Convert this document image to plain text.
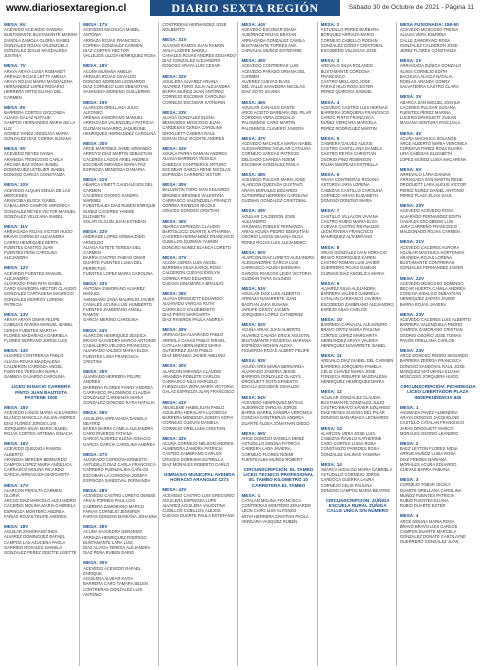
www.diariosextaregion.cl	DIARIO SEXTA REGIÓN	Sábado 30 de Octubre de 2021 - Página 11
MESA: 6V
ACEVEDO ACEVEDO SANDRA
BUSTAMANTE BUSTAMANTE MARINA
ZAMOLA ZAMOLA GLORIA ISABEL
GONZALEZ ROJAS VALENZUELA
GONZALEZ JESUS MAGDALENA JUSTINA
MESA: 7V
ARAYA ARAYA LUISA ROMANET
ARRIAZA ROJAS LETTY AMELIA
ARAYA ROJAS MARIA MAGDALENA
HERNANDEZ LOPEZ ROSARIO
HERRERA ORTIZ ELIANA DEL CARMEN
MESA: 8V
BARRERA CORTES GIOCONDA
ALIAGA GALAZ NATALIE
CAMPOS HERNANDEZ MARIA DE LA LUZ
GOMEZ YAÑEZ ANGELICA MARIA
GONZALEZ DIAZ CORINA SUSANA
MESA: 9V
ACEVEDO REYES IVANIA
ARANEDA TRONCOSO CARLA
ARCABA BAZ SONIA ISABEL
DOMINGUEZ LETELIER ISABEL
DONOSO GARCIA CONSTANZA
MESA: 10V
ACEVEDO ALQUIN EMILIA DE LAS MERCEDES
ARANCIBIA BLOCK ISABEL
CABALLERO CAMPOS VERONICA
GONZALEZ REYES VICTOR MANUEL
GONZALEZ VELIZ ANA ISABEL
MESA: 11V
ARRIAGADA ROJAS VICTOR HUGO
BRAVO CORNEJO ALEJANDRA
CARRO HENRIQUEZ BERTA
FUENTES CASTRO JUAN
FUENTES PEÑA CAROLINA ALEJANDRA
MESA: 12V
ACEVEDO FUENTES MANUEL ALEJANDRO
ALVARADO PINO RITA ISABEL
CARO SAAVEDRA HECTOR CLAUDIO
GONZALEZ CARTAGENA MAURICIO
GONZALEZ MONROY LORENA PATRICIA
MESA: 13V
ARAYA ARAYA OMAR FELIPE
CABEZAS RIVERA MANUEL ISABEL
CERDA FUENTES MARTHA
FLORES MADARIAGA GABRIELA
FLORES SERRANO JORGE LUIS
MESA: 14V
ALVAREZ CONTRERAS PABLO
ALIAGA ROJAS MAGDALENA
CALDERON CARDOZA ANGEL
FUENTES VERGARA MARIA
GAMBOA GAJARDO CAROLINA
LICEO IGNACIO CARRERA PINTO JUAN BAUTISTA PASTENE 1000
MESA: 15V
ACEVEDO LANCE MARIA ALEJANDRA
BLANCO MANCILLA JULIAN ANDRES
DIAZ FLORES JORGE LUIS
JORQUERA SILVA MARIA ISABEL
ROJAS CORTES ARTEMIA IGNACIA
MESA: 16V
ACEVEDO QUEZADA RAMON ALBERTO
ARANEDA MERCER BERNARDO
CAMPOS LOPEZ MARIA ANGELICA
CARRASCO MOLINA RICARDO
GARCIA ARRIAGADA MARGARITA
MESA: 17V
ALARCON PERALTA CARMEN GLORIA
ARCOS DIAZ MARCELO ALEJANDRO
CACERES MOLINA MARIA GABRIELA
ESPINOZA MONTERO ANDREA
FARIAS ROJAS FELIPE ANDRES
MESA: 18V
AGUILAR ZAMORANO INES
ALVAREZ DOMINGUEZ RAFAEL
CAMPOS LAS AZUCENA PAOLA
GARRIDO ROSALES DANIELA
GONZALEZ PEREZ ODETTE LISETTE
MESA: 17V
ACEVEDO MACHUCA MABEL ANTONIA
ARRIAZA ROJAS FRANCISCA
CORREA GONZALEZ CARMEN
DIAZ CORTES HECTOR
VALLEJOS ULLOA HENRIQUEZ ROSA
MESA: 18V
ACUÑA MUNAÑA AMELIA
ARRIAZA ROJAS OSVALDO
DONOSO MORENO LEONARDO
DIAZ CORNEJO LUIS SEBASTIAN
SANHUEZA MORENO GUILLERMO
MESA: 19V
ALARCON ORELLANA JULIO ALFONSO
ARENAS ZAMORANO MANUEL
ARRIAGADA VALENZUELA PATRICIA
GUZMAN NAVARRO JAQUELINE
HENRIQUEZ HERNANDEZ CAROLINA
MESA: 20V
ARCE MARTINEZ JAIME ARMANDO
ARROYO DIAZ MARTIN SEBASTIAN
CACERES LAGOS ARIEL ANDRES
ESCOBAR MIRANDA MARIA PAZ
ESPINOZA MENDOZA DAMARIA
MESA: 21V
ABARCA VINETT CAUDALEJOS DEL CARMEN
CACERES OSORIO SANDRA MARIBEL
FUENTEALBA DIAZ RUBEN ENRIQUE
NUÑEZ CACERES YANINE ELIZABETH
SOLAR OLGUIN JUAN ESTEBAN
MESA: 22V
ANDRADE LOPEZ GRIMALDINO ARNOLDO
ALIAGA ASTETE TERESA DEL CARMEN
BARRIA CASTRO FABIAN OMAR
DUARTE FUENTES LUISA DEL PERPETUO
FUENTES LOPEZ MARIA CAROLINA
MESA: 23V
ANTONIA ZAMORANO ALVAREZ MANUEL
AVENDAÑO ZAÑA MAURICIO JAVIER
CANALES ACUÑA LUIS HUMBERTO
FUENTES ZAMORANO ANGEL RAMON
GARCIA MERINO CAROLINA
MESA: 24V
ALARCON HENRIQUEZ JESSICA
BRAVO SAAVEDRA MARCO ANTONIO
CABALLERO VELOSO FRANCISCA
ALVARADO VALDES MARIA ELISA
FUENTES LARA FRANCISCA CRISTINA
MESA: 25V
ALVARADO HERRERA FELIPE ANDRES
BARRERA FLORES FANNY ANDREA
CARRASCO PALOMINOS CLAUDIA
GONZALEZ CARDENAS MARIA
GONZALEZ DONOSO KATIA NATALIA
MESA: 26V
AGUILERA ARRIAGADA DANIELA BEATRIZ
BARRA BARRA CAMILA ALEJANDRA
CARO RIVEROS TATIANA
GARCIA ALVEREZ ELENA IGNACIO
GARCIA GARCIA CAROLINA ANDREA
MESA: 27V
ALVARADO CORDOVA ERNESTO
ASTUDILLO DIAZ CARLA FRANCISCA
CARRERO PUENZALIDA CARLOS
ESCOBAR LA CORDOVA JOSEFA
ESPINOZA SANDOVAL FERNANDA
MESA: 28V
ACEVEDO CASTRO LORETO DENISE
ARIAS FORNES PAUL LUIS
CABRERA ZAMORANO MARCO
FARIAS CORNEJO JENNIFER
FARIAS DONOSO MARIANA JOHANNA
MESA: 29V
ACUÑA SAAVEDRA GERARDO
ARRIAZA HENRIQUEZ RODRIGO
BUSTAMANTE LARA LUIS
DIAZ ALIAGA TERESA ALEJANDRA
DIAZ PEÑA RUBEN DARIO
MESA: 30V
ACEVEDO ACEVEDO RAFAEL ENRIQUE
AGUILERA ALVEAR KATIA
BARRERA CARO TAMARA BELEN
CONTRERAS GONZALEZ LUIS ANTONIO
CONTRERAS HERNANDEZ JOSE NOLBERTO
MESA: 31V
ALVIANO RAMOS JUAN RAMON
AVILA LAZERE NABOLI
CANALES ROJAS ANDRES EDUARDO
DIAZ GONZALEZ ALEJANDRO
DONOSO ARAYA LUIS CESAR
MESA: 32V
AGUILERA ALVAREZ ARIANA
ALVAREZ TORO JULIA ALEJANDRA
BARRA MUÑOZ JUAN ANTONIO
CORNEJO ESCOBAR CAROLINA
CORNEJO ESCOBAR KATHERIN
MESA: 33V
ALIAGA GONZALEZ ELENA
BENAVIDES MOSCOSO JUAN
CARDENAS CERDA CAROLINA
DROGUETT CABERA RAUL
DURAN DIAZ VICENTE ANDRES
MESA: 34V
AGUILA PARRA DAMIAN ANDRES
ALIAGA BARRERA YESSICA
CABEZAS CONTRERAS ARTURO
ESCOBAR GARCIA RENE NICOLAS
ESPINOZA CARRERO VICTOR
MESA: 35V
BALLENTIN TORO IVAN EDUARDO
BRIONES BRIONES VALENTINA
CARRASCO VALENZUELA FRANCO
CORREA RIVEROS NICOLE
CRUCES DONOSO CRISTIAN
MESA: 36V
ABARCA ESPINOZA CLAUDIO
BARTOLUCCI DUARTE KATHARINA
CACERES HERNANDEZ FRANCISCO
CUBILLOS GUZMAN YASMIN
DONOSO NUÑEZ BLANCA LORETO
MESA: 37V
ACUÑA CERDA LUIS ANGEL
BARRERA SILVA KAROL ROSA
CALDERON CUEVAS EVELYN
CORREA PINO EDUARDO
CUEVAS DINAMARCA BRAULIO
MESA: 38V
ALIAGA DROGUETT EDUARDO
ALVARADO VARGAS RUTH
CARRASCO VALDEBENITO
DIAZ PINTO MARGARITA
DIAZ RIVEROS PAULA ANDREA
MESA: 39V
ARRIAGADA ALVARADO PABLO
ARRIOLA CASAS PABLO ISRAEL
CATALAN HERNANDEZ MARIA
GUTIERREZ JUAN PABLO
DIAZ MIRANDA JAVIER ABELINO
MESA: 40V
ALARCON MIRANDA CLAUDIO
ARANEDA POBLETE CARLOS
CARRASCO NILO MARCELO
FUENZALIDA ZERA MARIA VICTORIA
GALAZ ESPINOZA JUAN FRANCISCO
MESA: 41V
ABUSLEME HABIB JUAN PABLO
AGUILERA HERALAFA LUCRECIA
BARRERA MENDOZA JOSEFA SOFIA
CORNEJO CUEVAS DANIELA
CORNEJO ORELLANA CRISTIAN
MESA: 42V
ACUÑA CORNEJO NELSON ANDRES
ALMENDRA ZAMORA PATRICIA
CASTRO ZAMBRANO CARLOS
CRUCES DOBRAMA ESTRELLA
DIAZ MORALES ROBERTO CARLO
GIMNASIO MUNICIPAL AVENIDA HORACIO ARANGUIZ 1273
MESA: 43V
ACEVEDO CASTRO LUIS GREGORIO
AGUILERA ESPINOZA LUPE
ALVAREZ AGUILERA VALENTINA
CUBILLOS CUBILLOS ALEJOS
CUEVAS DUARTE PAULA ESTEFANIA
MESA: 44V
ACEVEDO ESCOBAR DIANA
ALBORNOZ ROJAS BRAYAN
ARRIAGADA GONZALEZ CAMILA
BUSTAMANTE TORRES ANA
CARVAJAL MUÑOZ ESTEFANIE
MESA: 45V
ACEVEDO CONTRERAS LUIS
ACEVEDO PARADO ORIANA DEL CARMEN
ALVEREZ CUEVAS ELVIS
DEL VALLE SAAVEDRA NICOLAS
DIAZ SOTO SILVINA
MESA: 46V
AGUILAR CANALES DANTE
ARCE ACEITO BARBARA DEL PILAR
CORDOVA VERA GONZALO
PALOMINOS CARO MARTIN
PALOMINOS CLAVERO JAVIERA
MESA: 47V
ACEVEDO MACHUCA MARIA ISABEL
ALESSANDRINI AGUILAR CATALINA
CORNEJO VARGAS PATRICIO
DELGADO CHANDIA NOEMI
ESCOBAR GONZALEZ PAOLA
MESA: 48V
ACEVEDO PULGAR MARIA JOSE
ALARCON QUEZADA GUSTAVO
ARAYA MORALES EDUARDO
GUTIERREZ HERRERA CAROLINA
GUZMAN GONZALEZ CRISTOBAL
MESA: 49V
AGUILAR CALDERON JOSE ALEJANDRO
AHUMADA ROBLES FERNANDA
ARIAS ACUÑA PEDRO SEBASTIAN
OSORIO LAGOS SILVANA OLGA
PEREZ ROJAS LUIS ALEJANDRO
MESA: 50V
ALARCON DIAZ LORETO ALEJANDRA
ALESSANDRINI GARCIA LUIS
CARRASCO ACUÑA BARBARA
GARCES RIASCOS LEIDY VICTORIA
GUZMAN TAPIA GALINDO
MESA: 51V
AGUILAR DIAZ LUIS ALBERTO
ARRIAZA NAVARRETE JUAN
BASTIAN JARA SUSANA
JARUFE OSSOY JACMIN
JORQUERA LOPEZ CATHERINE
MESA: 52V
ACUÑA ARIAS JUAN ALBERTO
ALVAREZ CAVADA ERICK AGUSTIN
BUSTAMANTE FIGUEROA MARIANA
ESPINOZA MOHAN ALEXA
FIGUEROA ROJAS ALBERT FELIPE
MESA: 53V
ACUÑA ARIS MARIA BERNARDA
ALVARADO ZAMORA JESSE
BARRIOS GONZALEZ GLADYS
DROGUETT SOTO ERNESTO
ESCALA ESCOBAR OSVALDO
MESA: 54V
ACEVEDO HENRIQUEZ MATIAS
ALBORNOZ VARGAS JORGE
BARRIL BARRIL SANDRA VERONICA
CONCHA CONTRERAS ANDREA
DUARTE ALDEA JONATHAN DIEGO
MESA: 55V
ARCE DONOSO DANIELA DENIZ
ASTUDILLO MOLINA PATRICIA
CABRERA LARA JAVIERA
CORNEJO FLORES NOEMI
FUENTEALBA MUÑOZ ROBERT
CIRCUNSCRIPCIÓN: EL TAMBO LICEO TECNICO PROFESIONAL EL TAMBO KILOMETRO 10 CARRETERA EL TAMBO
MESA: 1
CATALAN MOLINA FRANCISCA
CONTRERAS MONTERO EDUARDO
LEON CARO LUIS ALFONSO
MOYA HERRERA CRISTIAN PAOLA
VERGARA VASQUEZ RUBEN
MESA: 2
ASTUDILLO PEREZ BARBARA
BORQUEZ ARRIAZA MARIO
CORNEJO CABELLO RODIAN
GONZALEZ GODOY CRISTOBAL
ESCOBEDO VILLEGAS JOSE
MESA: 3
AREVALO SILVA ROLANDO
BUSTAMANTE CORDOVA FRANCISCO
CASTRO MELLADO JOSE
FARIAS HILO ROSA ESTER
PEREZ QUIROGA SAMUEL
MESA: 4
ACEVEDO CASTRO LUIS HERNAN
BARRERA JORQUERA FRANCISCO
CAROC PINTO FRANCISCA
NUÑEZ VERGARA MARCELA
PEREZ RODRIGUEZ MARTIN
MESA: 5
CABRERA GALVEZ ALEXIS
CASTRO CANTILLANA DANIELA
CASTRO REYES CHRISTIAN
OSORIO PINO ROBINSON
PALMA MADRIAZA ESTRELLA
MESA: 6
ARAYA CONTRERAS ROSANA
ASTORGA JARA LORENA
CABEZAS CASTILLO CAROLINA
CORNEJO ARAYA ELIZABETH
DONOSO DONOSO MARIA
MESA: 7
CASTILLO VILLALON VIVIANA
CASTRO RUBIO MARIA ELSA
CUEVAS CASTRO REYNALDO
LEON RIVERA FRANCISCO
MANRIQUEZ ALTAMIRANO
MESA: 8
ARIAS GONZALEZ IVAN HORACIO
BRAVO RODRIGUEZ KAREN
CASTRO ROMAN LUIS JAVIER
GUERRERO ROJAS DAMIAN
GUZMAN DIAZ ANGELICA MARIA
MESA: 9
ALVAREZ SILVA ALEJANDRA
BARRERA VALDES GABRIELA
CATALAN CARRASCO JAVIERA
ESCOBEDO ZAMBRANO ALEJANDRO
ESPEJO SILVA CARLOS
MESA: 10
BARRERA CARVAJAL ALEJANDRO
BRAVO ORTIZ MARIA PAULINA
CORTES LOPEZ MARGARITA
HERNANDEZ ARAYA VALERIA
HENRIQUEZ NAVARRETE ISABEL
MESA: 11
AREVALO DIAZ ISABEL DEL CARMEN
BARRERA JORQUERA PAMELA
CELIS CHAVEZ MARIA JOSE
FONSECA REBUFFE MAGDALENA
HENRIQUEZ HENRIQUEZ MARIA
MESA: 12
AGUILAR GONZALEZ CLAUDIA
BUSTAMANTE GONZALEZ JULIO
CASTRO BRAVO XAVIER EDUARDO
DIAZ REYES SUSANA DEL PILAR
DONOSO MADARIAGA LEONARDO
MESA: 13
ALARCON URRA JOSE LUIS
CABEZAS RAVELO KATHERINE
CARO CORTES LUISA ROSA
CONSTANZO PAREDES ROSA
GONZALEZ SALINAS YASMINA
MESA: 14
ABARCA HIDALGO MARIA GABRIELA
ASTUDILLO CORNEJO JORGE
CARDOCA GUERRA LAURA
CORNEJO CELIS PAULINA
DONOSO CAMPOS MARIA BEATRIZ
CIRCUNSCRIPCIÓN: ZÚÑIGA ESCUELA RURAL ZÚÑIGA CALLE ÚNICA S/N NÚMERO
MESA FUSIONADA: 158-50
ACEVEDO MOSCOSO FRESIA
ALIAGA VERA ESMIRNA
CALLE ZAMORANO ROSA
GONZALEZ CALDERON JOSE
JEREZ FLORES CONSTANZA
MESA: 2V
ARRIAGADA ZUÑIGA GONZALO
ALVES CORNEJO EDITH
BACHUCA ALIAGA NATALIA
ROBLAS ARANDA CONNY
SALVATERRA CASTRO CLARA
MESA: 3V
ABARCA SAN MIGUEL JOSHUA
CACERES PULGAR SUSANA
FUENTES PEREZ MARINA
LUCERO DROGUETT SUSAN
MAGANA VENTURA PASCUALA
MESA: 4V
ACUÑA MACHUCA SOLANGE
ARCE ALBERTO MARIA VERONICA
CORDOVA PAREZ ROSA ELVIRA
LIRA CABEZAS ELIZABETH
LOPEZ MUÑOZ LUISA MACARENA
MESA: 5V
ARREVALO LARA DAMIAN
ARRIAGADA SAN MARTIN RENE
DROGUETT LARA ALEXIS VICTOR
PEREZ NUÑEZ DANIEL ANTONIO
PEREZ PLAZA ELIAS SAUL
MESA: 20V
ACEVEDO ACEVEDO ROSA
ALVARADO FERNANDEZ EDITH
CANALES ESCOBEDO LUIS
JARA CARREÑO FRANCISCO
MALDONADO ROJAS CARMEN
MESA: 21V
ACEVEDO CACERES AURORA
AGUILAR MACHUCA HORTENSIA
ARANEDA ROJAS LORENA
BUSTAMANTE CONTRERAS
GONZALEZ FERNANDEZ JAVIER
MESA: 22V
ACEVEDO MOSCOSO DOMINGO
BECAR HUERTA CAMILA ANDREA
CONCHA HIDALGO SEBASTIAN
HENRIQUEZ ZAPATA JAVIER
BARRA ROJAS JAVIERA
MESA: 23V
ACEVEDO CACERES LUIS ALBERTO
BARRERA VALENZUELA PEDRO
CAMPOS ZAMORANO CRISTIAN
OSORIO OSORIO JOSE TOMAS
PASOS ORELLANA CARLOS
MESA: 24V
ARCE DONOSO PEDRO SEGUNDO
BARRERA ZEPEDA FRANCISCA
DONOSO SANDOVAL RAUL JOSE
MARQUEZ MATURANA ELIANA
MOSCOSO JORQUERA HUGO
CIRCUNSCRIPCIÓN: PICHIDEGUA LICEO LIBERTADOR PLAZA INDEPENDENCIA 840
MESA: 1
AHUMADA PAVEZ ALMENDRA
ARAYA DONOSO JACQUELINE
CASTILLO CATALAN FRANCISCO
JARAS DROGUETT MARCO
MORALES OSORIO LEANDRO
MESA: 2
BAEZ LEYTON FLORES NIDIA
ARRUE MUÑOZ LUISA ROSA
DIAZ FREDES MARIANA
MORALES ACUÑA EDUARDO
CUEVAS BARRA FABIANA
MESA: 3
CORNEJO TOBAR GICELY
DUARTE ORELLANA CAROLINA
MUÑOZ FUENTES PATRICIA
RUBIO FUENTES ELIANA
RUBIO DUARTE ESTER
MESA: 4
ARCE MOLINA MARIA ROSA
BRAVO BRAVO LUIS CARLOS
CAMPOS DUARTE MARCELA
GONZALEZ DONATE CAROLAYNE
GUERRERO GONZALEZ JUAN
